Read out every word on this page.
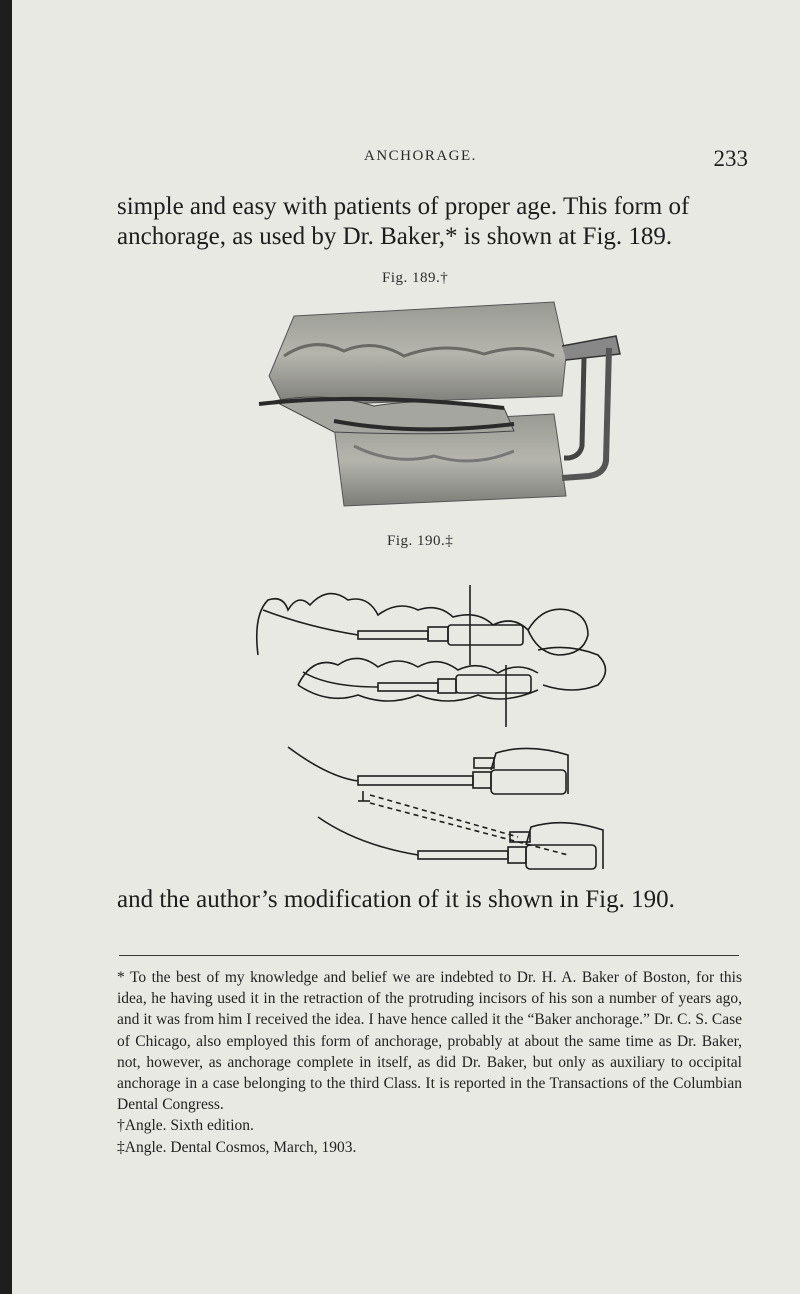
ANCHORAGE.	233
simple and easy with patients of proper age. This form of anchorage, as used by Dr. Baker,* is shown at Fig. 189.
Fig. 189.†
Fig. 190.‡
and the author’s modification of it is shown in Fig. 190.

* To the best of my knowledge and belief we are indebted to Dr. H. A. Baker of Boston, for this idea, he having used it in the retraction of the protruding incisors of his son a number of years ago, and it was from him I received the idea. I have hence called it the “Baker anchorage.” Dr. C. S. Case of Chicago, also employed this form of anchorage, probably at about the same time as Dr. Baker, not, however, as anchorage complete in itself, as did Dr. Baker, but only as auxiliary to occipital anchorage in a case belonging to the third Class. It is reported in the Transactions of the Columbian Dental Congress.

†Angle. Sixth edition.

‡Angle. Dental Cosmos, March, 1903.
